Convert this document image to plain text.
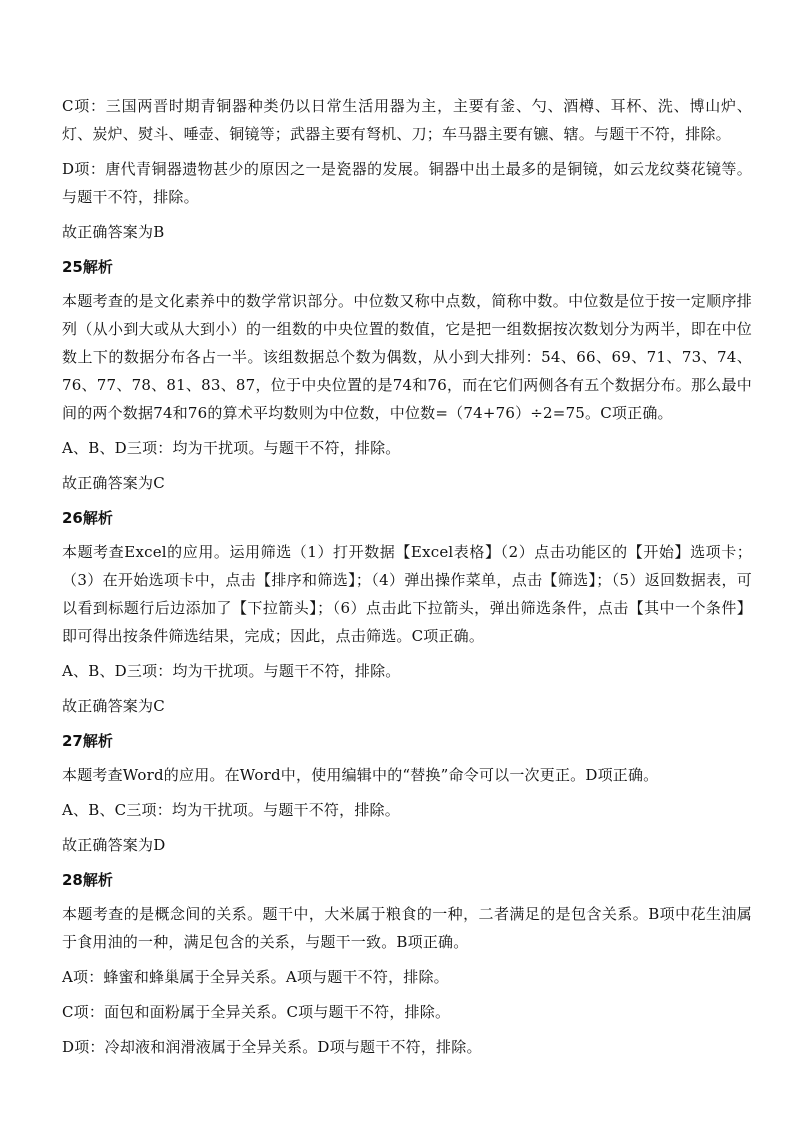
C项：三国两晋时期青铜器种类仍以日常生活用器为主，主要有釜、勺、酒樽、耳杯、洗、博山炉、灯、炭炉、熨斗、唾壶、铜镜等；武器主要有弩机、刀；车马器主要有镳、辖。与题干不符，排除。

D项：唐代青铜器遗物甚少的原因之一是瓷器的发展。铜器中出土最多的是铜镜，如云龙纹葵花镜等。与题干不符，排除。

故正确答案为B

25解析

本题考查的是文化素养中的数学常识部分。中位数又称中点数，简称中数。中位数是位于按一定顺序排列（从小到大或从大到小）的一组数的中央位置的数值，它是把一组数据按次数划分为两半，即在中位数上下的数据分布各占一半。该组数据总个数为偶数，从小到大排列：54、66、69、71、73、74、76、77、78、81、83、87，位于中央位置的是74和76，而在它们两侧各有五个数据分布。那么最中间的两个数据74和76的算术平均数则为中位数，中位数=（74+76）÷2=75。C项正确。

A、B、D三项：均为干扰项。与题干不符，排除。

故正确答案为C

26解析

本题考查Excel的应用。运用筛选（1）打开数据【Excel表格】（2）点击功能区的【开始】选项卡；（3）在开始选项卡中，点击【排序和筛选】；（4）弹出操作菜单，点击【筛选】；（5）返回数据表，可以看到标题行后边添加了【下拉箭头】；（6）点击此下拉箭头，弹出筛选条件，点击【其中一个条件】即可得出按条件筛选结果，完成；因此，点击筛选。C项正确。

A、B、D三项：均为干扰项。与题干不符，排除。

故正确答案为C

27解析

本题考查Word的应用。在Word中，使用编辑中的“替换”命令可以一次更正。D项正确。

A、B、C三项：均为干扰项。与题干不符，排除。

故正确答案为D

28解析

本题考查的是概念间的关系。题干中，大米属于粮食的一种，二者满足的是包含关系。B项中花生油属于食用油的一种，满足包含的关系，与题干一致。B项正确。

A项：蜂蜜和蜂巢属于全异关系。A项与题干不符，排除。

C项：面包和面粉属于全异关系。C项与题干不符，排除。

D项：冷却液和润滑液属于全异关系。D项与题干不符，排除。
